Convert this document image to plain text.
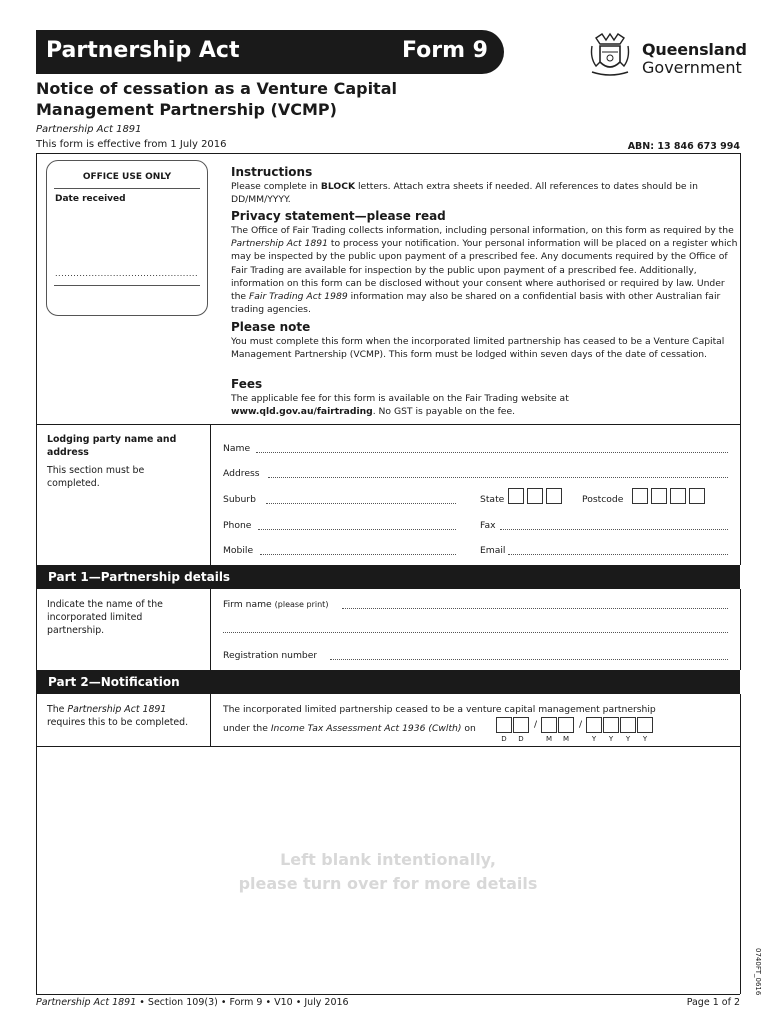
Partnership Act	Form 9	Queensland
Government
Notice of cessation as a Venture Capital Management Partnership (VCMP)
Partnership Act 1891
This form is effective from 1 July 2016	ABN: 13 846 673 994
OFFICE USE ONLY
Date received
...............................................
Instructions
Please complete in BLOCK letters. Attach extra sheets if needed. All references to dates should be in DD/MM/YYYY.
Privacy statement—please read
The Office of Fair Trading collects information, including personal information, on this form as required by the Partnership Act 1891 to process your notification. Your personal information will be placed on a register which may be inspected by the public upon payment of a prescribed fee. Any documents required by the Office of Fair Trading are available for inspection by the public upon payment of a prescribed fee. Additionally, information on this form can be disclosed without your consent where authorised or required by law. Under the Fair Trading Act 1989 information may also be shared on a confidential basis with other Australian fair trading agencies.
Please note
You must complete this form when the incorporated limited partnership has ceased to be a Venture Capital Management Partnership (VCMP). This form must be lodged within seven days of the date of cessation.
Fees
The applicable fee for this form is available on the Fair Trading website at
www.qld.gov.au/fairtrading. No GST is payable on the fee.
Lodging party name and address
This section must be completed.
Name
Address
Suburb	State	Postcode
Phone	Fax
Mobile	Email
Part 1—Partnership details
Indicate the name of the incorporated limited partnership.
Firm name (please print)
Registration number
Part 2—Notification
The Partnership Act 1891 requires this to be completed.
The incorporated limited partnership ceased to be a venture capital management partnership
under the Income Tax Assessment Act 1936 (Cwlth) on	/	/
D	D	M	M	Y	Y	Y	Y
Left blank intentionally,
please turn over for more details
0740FT_0616
Partnership Act 1891 • Section 109(3) • Form 9 • V10 • July 2016	Page 1 of 2
